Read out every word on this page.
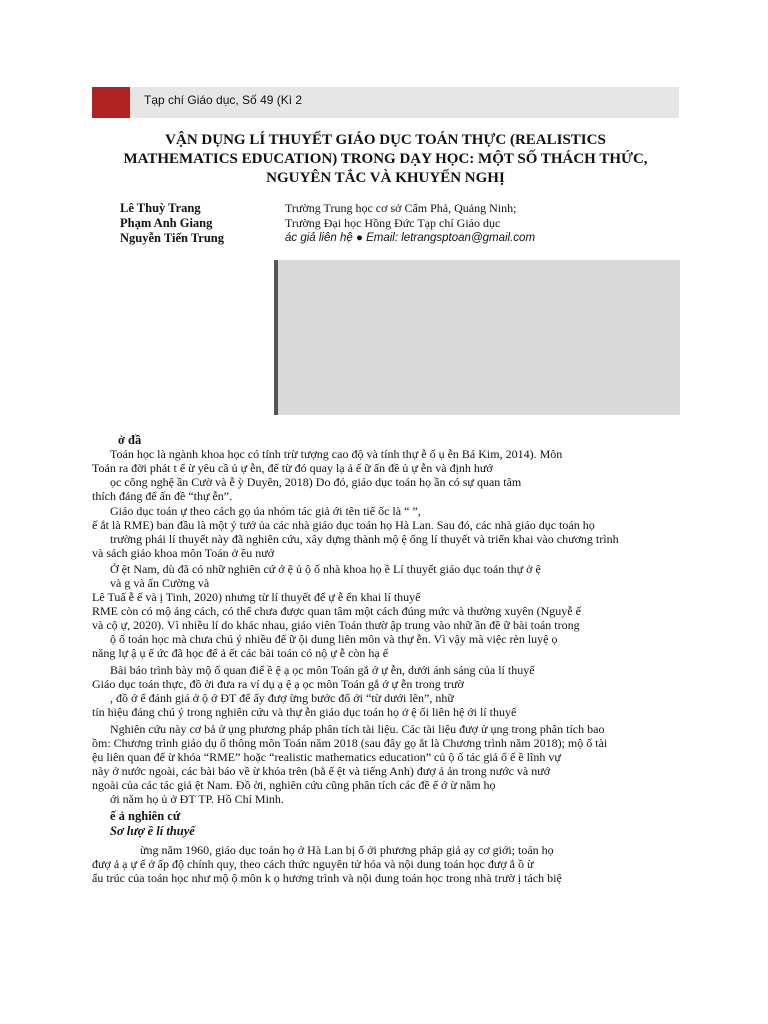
Tạp chí Giáo dục, Số 49 (Kì 2
VẬN DỤNG LÍ THUYẾT GIÁO DỤC TOÁN THỰC (REALISTICS
MATHEMATICS EDUCATION) TRONG DẠY HỌC: MỘT SỐ THÁCH THỨC,
NGUYÊN TẮC VÀ KHUYẾN NGHỊ
Lê Thuỳ Trang
Phạm Anh Giang
Nguyễn Tiến Trung
Trường Trung học cơ sở Cẩm Phả, Quảng Ninh;
Trường Đại học Hồng Đức Tạp chí Giáo dục
ác giả liên hệ ● Email: letrangsptoan@gmail.com
ở đầ
Toán học là ngành khoa học có tính trừ tượng cao độ và tính thự ễ ố ụ ễn Bá Kim, 2014). Môn
Toán ra đời phát t ể ừ yêu cầ ủ ự ễn, để từ đó quay lạ ả ế ữ ấn đề ủ ự ễn và định hướ
ọc công nghệ ần Cườ và ễ ỳ Duyên, 2018) Do đó, giáo dục toán họ ần có sự quan tâm
thích đáng để ấn đề “thự ễn”.
Giáo dục toán ự theo cách gọ úa nhóm tác giả ới tên tiế ốc là “ ”,
ế ắt là RME) ban đầu là một ý tưở ủa các nhà giáo dục toán họ Hà Lan. Sau đó, các nhà giáo dục toán họ
trường phái lí thuyết này đã nghiên cứu, xây dựng thành mộ ệ ống lí thuyết và triển khai vào chương trình
và sách giáo khoa môn Toán ở ều nướ
Ở ệt Nam, dù đã có nhữ nghiên cứ ớ ệ ủ ộ ố nhà khoa họ ề Lí thuyết giáo dục toán thự ở ệ
và g và ấn Cường và
Lê Tuấ ễ ế và ị Tinh, 2020) nhưng từ lí thuyết để ự ễ ển khai lí thuyế
RME còn có mộ ảng cách, có thể chưa được quan tâm một cách đúng mức và thường xuyên (Nguyễ ế
và cộ ự, 2020). Vì nhiều lí do khác nhau, giáo viên Toán thườ ập trung vào nhữ ần đề ữ bài toán trong
ộ ố toán học mà chưa chú ý nhiều đế ữ ội dung liên môn và thự ễn. Vì vậy mà việc rèn luyệ ọ
năng lự ậ ụ ế ức đã học để ả ết các bài toán có nộ ự ễ còn hạ ế
Bài báo trình bày mộ ố quan điể ề ệ ạ ọc môn Toán gắ ớ ự ễn, dưới ánh sáng của lí thuyế
Giáo dục toán thực, đồ ời đưa ra ví dụ ạ ệ ạ ọc môn Toán gắ ớ ự ễn trong trườ
, đồ ớ ể đánh giá ở ộ ớ ĐT để ấy đượ ừng bước đổ ới “từ dưới lên”, nhữ
tín hiệu đáng chú ý trong nghiên cứu và thự ễn giáo dục toán họ ở ệ ối liên hệ ới lí thuyế
Nghiên cứu này cơ bả ử ụng phương pháp phân tích tài liệu. Các tài liệu đượ ử ụng trong phân tích bao
ồm: Chương trình giáo dụ ổ thông môn Toán năm 2018 (sau đây gọ ắt là Chương trình năm 2018); mộ ố tài
ệu liên quan để ừ khóa “RME” hoặc “realistic mathematics education” củ ộ ố tác giả ổ ế ề lĩnh vự
này ở nước ngoài, các bài báo về ừ khóa trên (bằ ế ệt và tiếng Anh) đượ ả ản trong nước và nướ
ngoài của các tác giả ệt Nam. Đồ ời, nghiên cứu cũng phân tích các đề ế ớ ừ năm họ
ới năm họ ủ ở ĐT TP. Hồ Chí Minh.
ế ả nghiên cứ
Sơ lượ ề lí thuyế
ừng năm 1960, giáo dục toán họ ở Hà Lan bị ố ởi phương pháp giả ạy cơ giới; toán họ
đượ ả ạ ự ế ở ấp độ chính quy, theo cách thức nguyên tử hóa và nội dung toán học đượ ắ ồ ừ
ấu trúc của toán học như mộ ộ môn k ọ hương trình và nội dung toán học trong nhà trườ ị tách biệ
